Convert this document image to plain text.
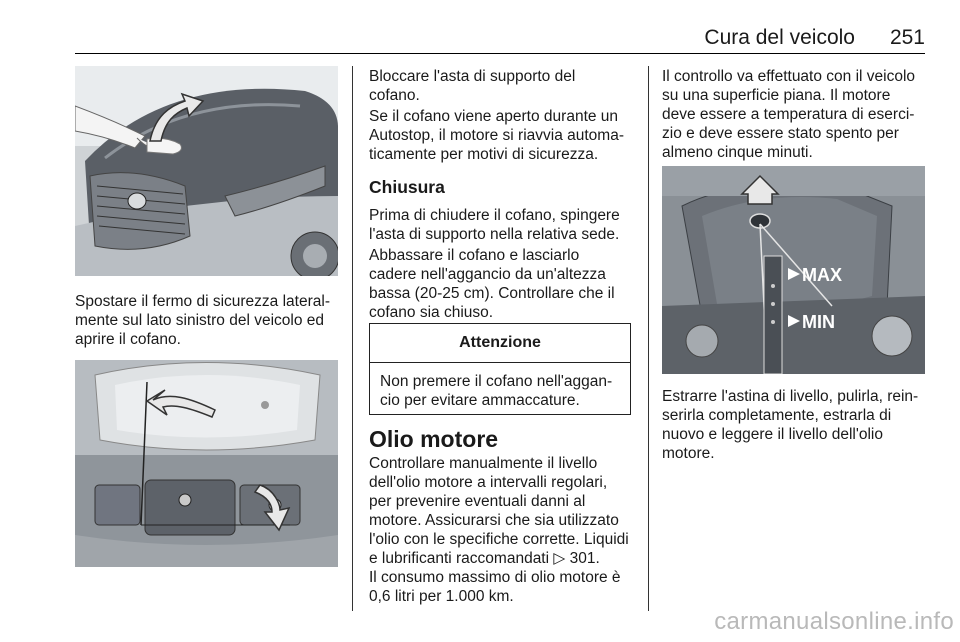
Cura del veicolo 251

Spostare il fermo di sicurezza lateral-
mente sul lato sinistro del veicolo ed
aprire il cofano.

Bloccare l'asta di supporto del
cofano.

Se il cofano viene aperto durante un
Autostop, il motore si riavvia automa-
ticamente per motivi di sicurezza.

Chiusura

Prima di chiudere il cofano, spingere
l'asta di supporto nella relativa sede.

Abbassare il cofano e lasciarlo
cadere nell'aggancio da un'altezza
bassa (20-25 cm). Controllare che il
cofano sia chiuso.

Attenzione
Non premere il cofano nell'aggan-
cio per evitare ammaccature.
Olio motore

Controllare manualmente il livello
dell'olio motore a intervalli regolari,
per prevenire eventuali danni al
motore. Assicurarsi che sia utilizzato
l'olio con le specifiche corrette. Liquidi
e lubrificanti raccomandati ▷ 301.

Il consumo massimo di olio motore è
0,6 litri per 1.000 km.

Il controllo va effettuato con il veicolo
su una superficie piana. Il motore
deve essere a temperatura di eserci-
zio e deve essere stato spento per
almeno cinque minuti.

MAX
MIN

Estrarre l'astina di livello, pulirla, rein-
serirla completamente, estrarla di
nuovo e leggere il livello dell'olio
motore.

carmanualsonline.info
